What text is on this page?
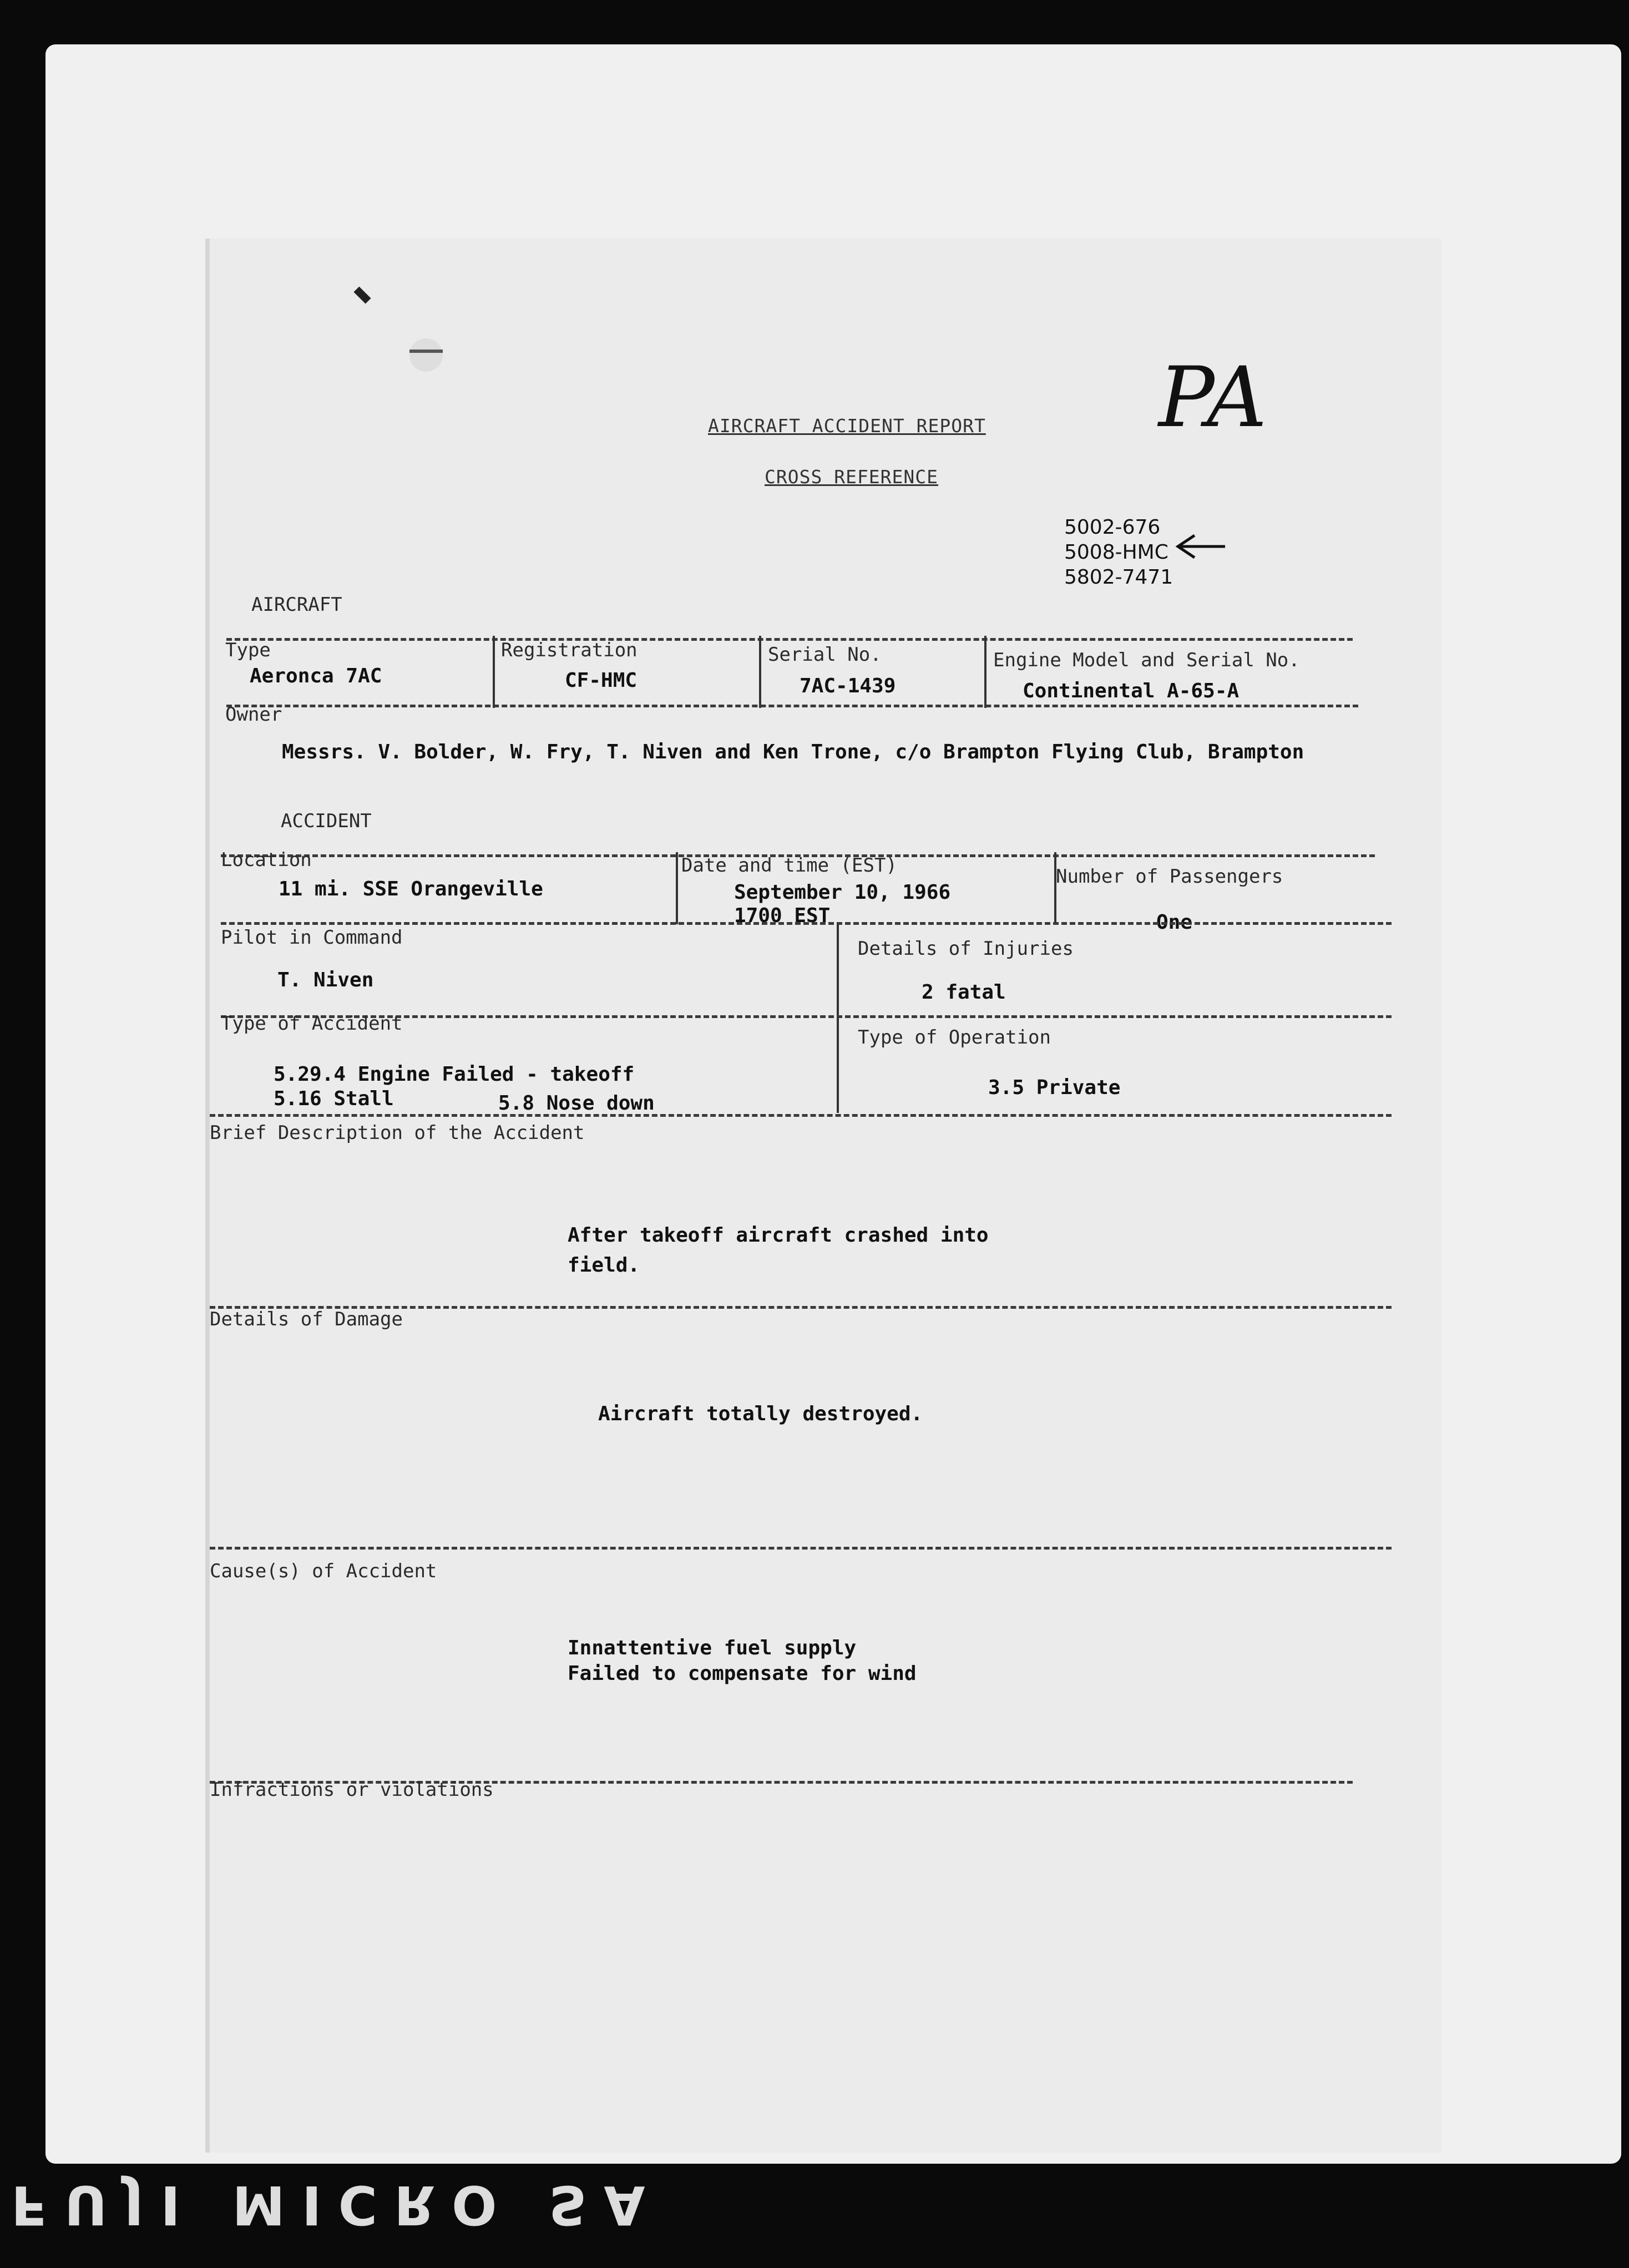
FUJI MICRO SA
AIRCRAFT ACCIDENT REPORT
CROSS REFERENCE
PA
5002-676
5008-HMC
5802-7471
AIRCRAFT
Type
Aeronca 7AC
Registration
CF-HMC
Serial No.
7AC-1439
Engine Model and Serial No.
Continental A-65-A
Owner
Messrs. V. Bolder, W. Fry, T. Niven and Ken Trone, c/o Brampton Flying Club, Brampton
ACCIDENT
Location
11 mi. SSE Orangeville
Date and time (EST)
September 10, 1966
1700 EST
Number of Passengers
One
Pilot in Command
T. Niven
Details of Injuries
2 fatal
Type of Accident
5.29.4 Engine Failed - takeoff
5.16 Stall	5.8 Nose down
Type of Operation
3.5 Private
Brief Description of the Accident
After takeoff aircraft crashed into
field.
Details of Damage
Aircraft totally destroyed.
Cause(s) of Accident
Innattentive fuel supply
Failed to compensate for wind
Infractions or violations
